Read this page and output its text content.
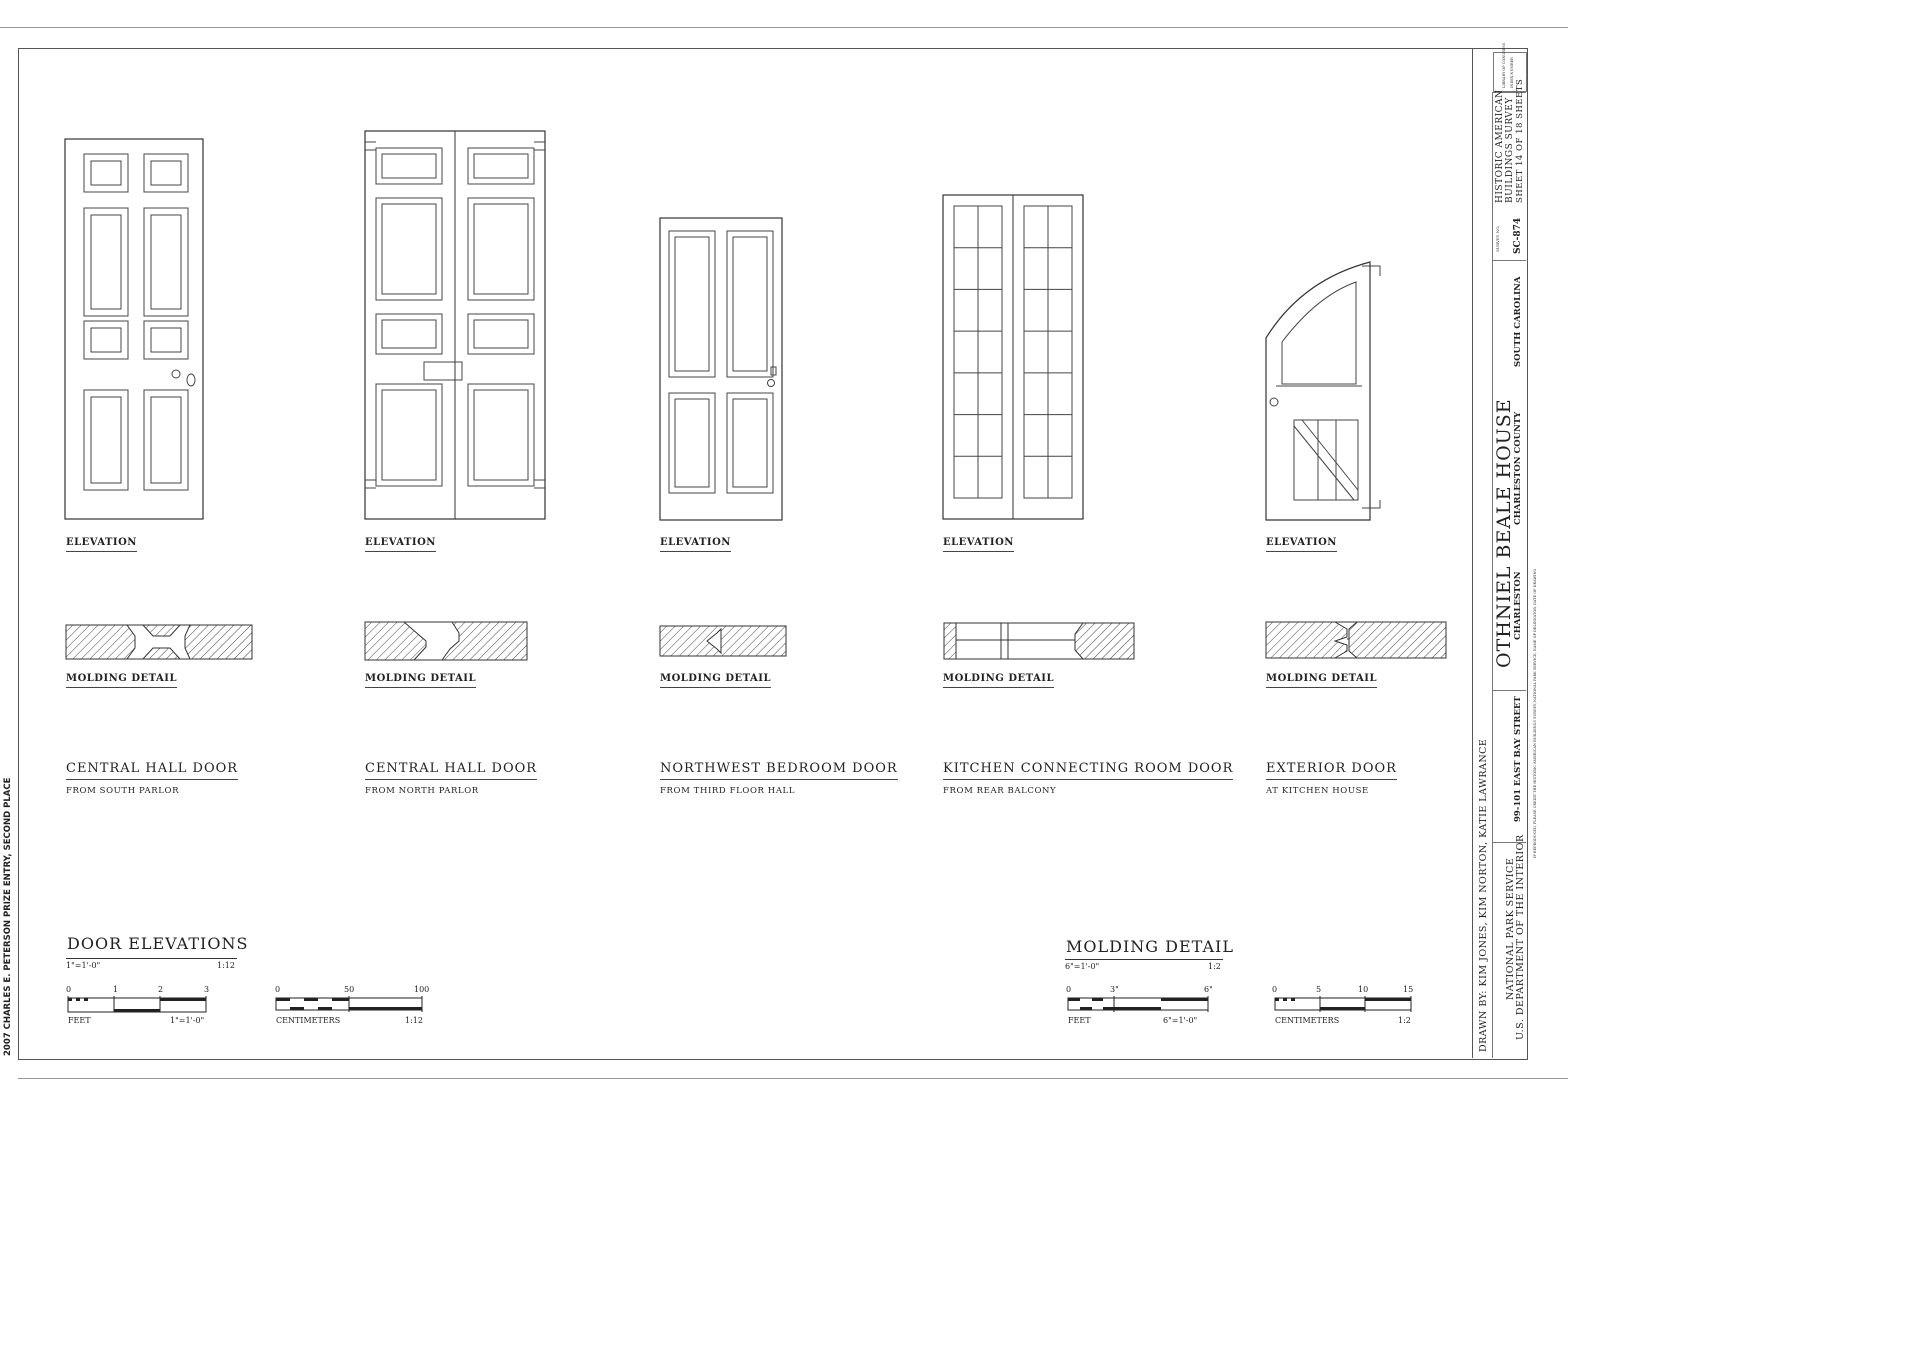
ELEVATION
MOLDING DETAIL
CENTRAL HALL DOOR
FROM SOUTH PARLOR
ELEVATION
MOLDING DETAIL
CENTRAL HALL DOOR
FROM NORTH PARLOR
ELEVATION
MOLDING DETAIL
NORTHWEST BEDROOM DOOR
FROM THIRD FLOOR HALL
ELEVATION
MOLDING DETAIL
KITCHEN CONNECTING ROOM DOOR
FROM REAR BALCONY
ELEVATION
MOLDING DETAIL
EXTERIOR DOOR
AT KITCHEN HOUSE
DOOR ELEVATIONS
1"=1'-0"	1:12
0	1	2	3
FEET	1"=1'-0"
0	50	100
CENTIMETERS	1:12
MOLDING DETAIL
6"=1'-0"	1:2
0	3"	6"
FEET	6"=1'-0"
0	5	10	15
CENTIMETERS	1:2
LIBRARY OF CONGRESS INDEX NUMBER
HISTORIC AMERICAN BUILDINGS SURVEY SHEET 14 OF 18 SHEETS
SURVEY NO. SC-874
OTHNIEL BEALE HOUSE
CHARLESTON
CHARLESTON COUNTY
SOUTH CAROLINA
99-101 EAST BAY STREET	IF REPRODUCED, PLEASE CREDIT THE HISTORIC AMERICAN BUILDINGS SURVEY, NATIONAL PARK SERVICE, NAME OF DELINEATOR, DATE OF DRAWING
NATIONAL PARK SERVICE U.S. DEPARTMENT OF THE INTERIOR
DRAWN BY: KIM JONES, KIM NORTON, KATIE LAWRANCE
2007 CHARLES E. PETERSON PRIZE ENTRY, SECOND PLACE
